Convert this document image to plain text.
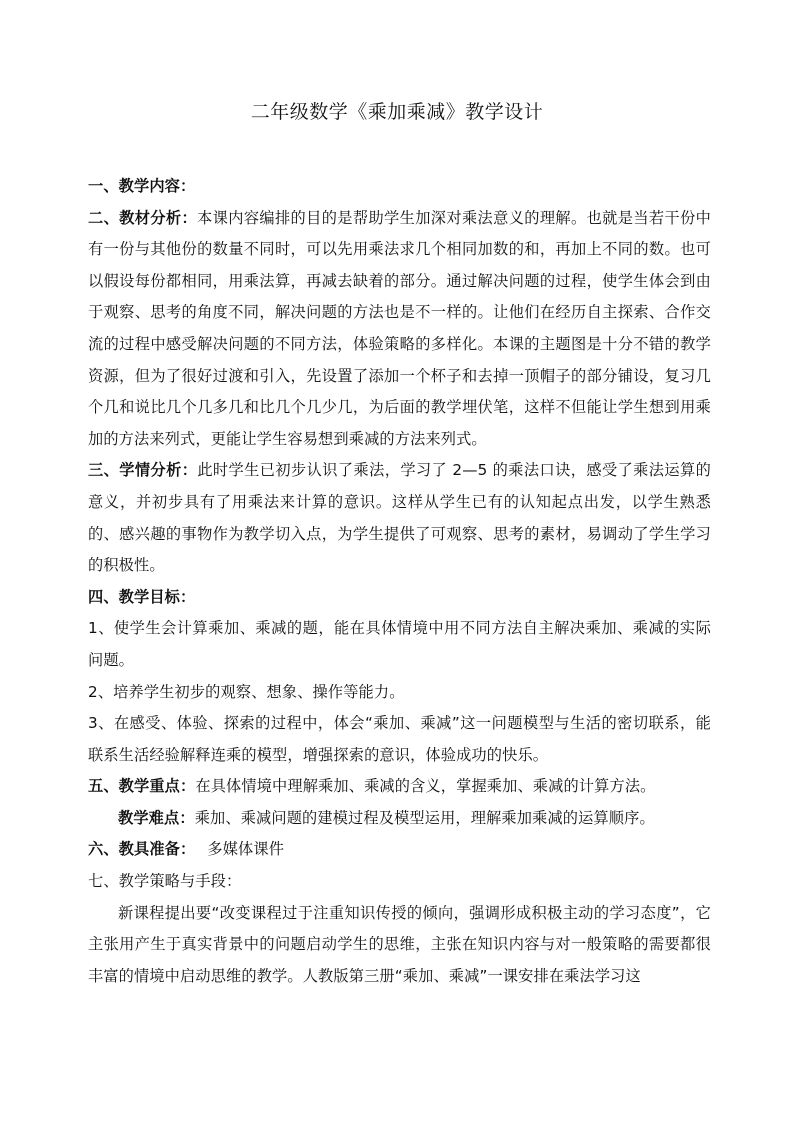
二年级数学《乘加乘减》教学设计

一、教学内容：

二、教材分析：本课内容编排的目的是帮助学生加深对乘法意义的理解。也就是当若干份中有一份与其他份的数量不同时，可以先用乘法求几个相同加数的和，再加上不同的数。也可以假设每份都相同，用乘法算，再减去缺着的部分。通过解决问题的过程，使学生体会到由于观察、思考的角度不同，解决问题的方法也是不一样的。让他们在经历自主探索、合作交流的过程中感受解决问题的不同方法，体验策略的多样化。本课的主题图是十分不错的教学资源，但为了很好过渡和引入，先设置了添加一个杯子和去掉一顶帽子的部分铺设，复习几个几和说比几个几多几和比几个几少几，为后面的教学埋伏笔，这样不但能让学生想到用乘加的方法来列式，更能让学生容易想到乘减的方法来列式。

三、学情分析：此时学生已初步认识了乘法，学习了 2—5 的乘法口诀，感受了乘法运算的意义，并初步具有了用乘法来计算的意识。这样从学生已有的认知起点出发，以学生熟悉的、感兴趣的事物作为教学切入点，为学生提供了可观察、思考的素材，易调动了学生学习的积极性。

四、教学目标：

1、使学生会计算乘加、乘减的题，能在具体情境中用不同方法自主解决乘加、乘减的实际问题。

2、培养学生初步的观察、想象、操作等能力。

3、在感受、体验、探索的过程中，体会“乘加、乘减”这一问题模型与生活的密切联系，能联系生活经验解释连乘的模型，增强探索的意识，体验成功的快乐。

五、教学重点：在具体情境中理解乘加、乘减的含义，掌握乘加、乘减的计算方法。

教学难点：乘加、乘减问题的建模过程及模型运用，理解乘加乘减的运算顺序。

六、教具准备： 多媒体课件

七、教学策略与手段：

新课程提出要“改变课程过于注重知识传授的倾向，强调形成积极主动的学习态度”，它主张用产生于真实背景中的问题启动学生的思维，主张在知识内容与对一般策略的需要都很丰富的情境中启动思维的教学。人教版第三册“乘加、乘减”一课安排在乘法学习这
